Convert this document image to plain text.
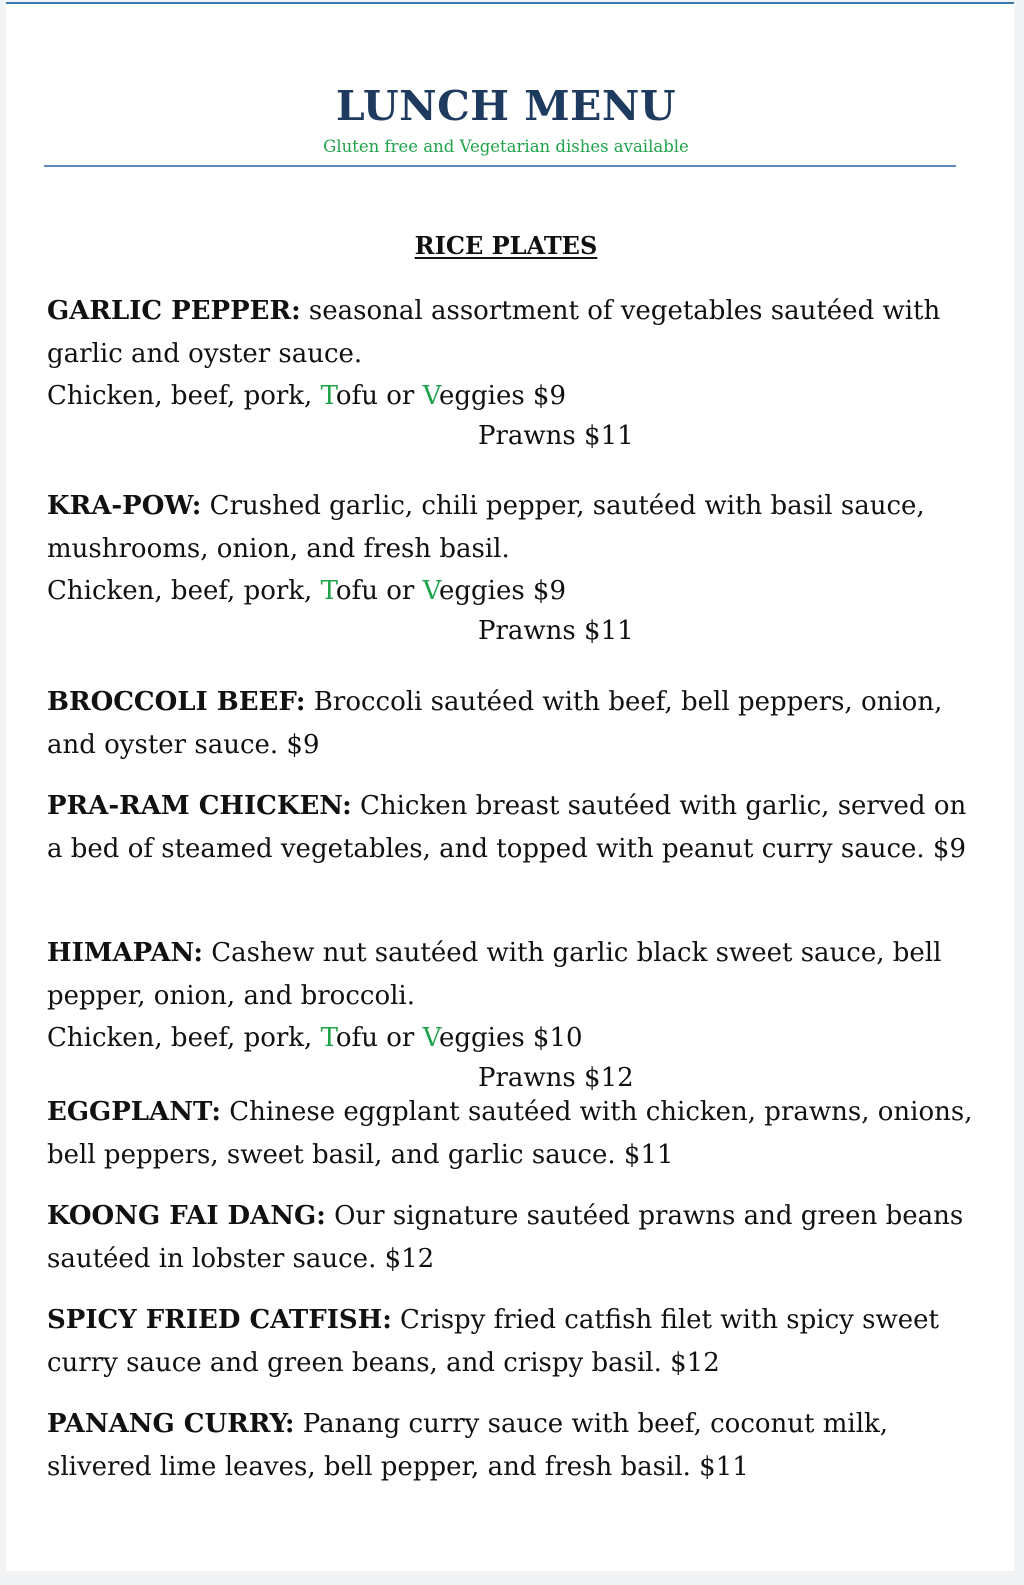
LUNCH MENU

Gluten free and Vegetarian dishes available

RICE PLATES
GARLIC PEPPER: seasonal assortment of vegetables sautéed with garlic and oyster sauce.
Chicken, beef, pork, Tofu or Veggies $9
Prawns $11
KRA-POW: Crushed garlic, chili pepper, sautéed with basil sauce, mushrooms, onion, and fresh basil.
Chicken, beef, pork, Tofu or Veggies $9
Prawns $11
BROCCOLI BEEF: Broccoli sautéed with beef, bell peppers, onion, and oyster sauce. $9
PRA-RAM CHICKEN: Chicken breast sautéed with garlic, served on a bed of steamed vegetables, and topped with peanut curry sauce. $9
HIMAPAN: Cashew nut sautéed with garlic black sweet sauce, bell pepper, onion, and broccoli.
Chicken, beef, pork, Tofu or Veggies $10
Prawns $12
EGGPLANT: Chinese eggplant sautéed with chicken, prawns, onions, bell peppers, sweet basil, and garlic sauce. $11
KOONG FAI DANG: Our signature sautéed prawns and green beans sautéed in lobster sauce. $12
SPICY FRIED CATFISH: Crispy fried catfish filet with spicy sweet curry sauce and green beans, and crispy basil. $12
PANANG CURRY: Panang curry sauce with beef, coconut milk, slivered lime leaves, bell pepper, and fresh basil. $11
